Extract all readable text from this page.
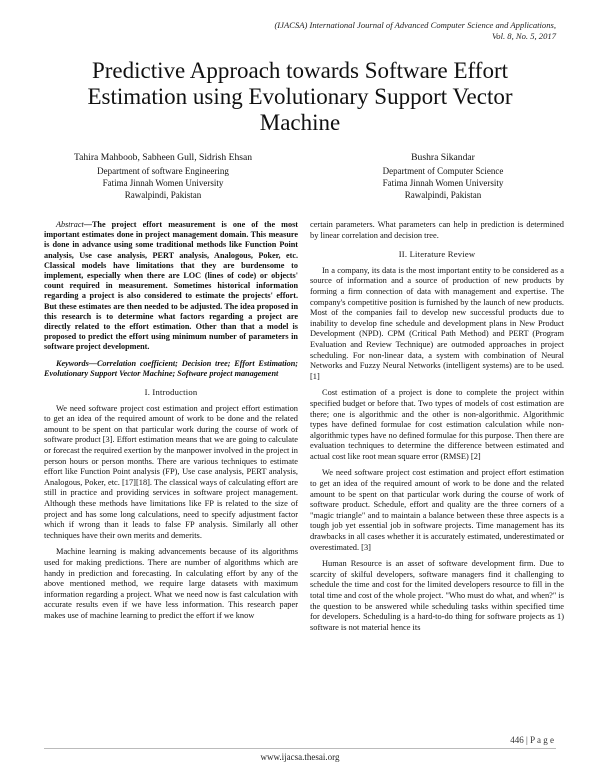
(IJACSA) International Journal of Advanced Computer Science and Applications,
Vol. 8, No. 5, 2017
Predictive Approach towards Software Effort
Estimation using Evolutionary Support Vector
Machine
Tahira Mahboob, Sabheen Gull, Sidrish Ehsan
Department of software Engineering
Fatima Jinnah Women University
Rawalpindi, Pakistan
Bushra Sikandar
Department of Computer Science
Fatima Jinnah Women University
Rawalpindi, Pakistan

Abstract—The project effort measurement is one of the most important estimates done in project management domain. This measure is done in advance using some traditional methods like Function Point analysis, Use case analysis, PERT analysis, Analogous, Poker, etc. Classical models have limitations that they are burdensome to implement, especially when there are LOC (lines of code) or objects' count required in measurement. Sometimes historical information regarding a project is also considered to estimate the projects' effort. But these estimates are then needed to be adjusted. The idea proposed in this research is to determine what factors regarding a project are directly related to the effort estimation. Other than that a model is proposed to predict the effort using minimum number of parameters in software project development.

Keywords—Correlation coefficient; Decision tree; Effort Estimation; Evolutionary Support Vector Machine; Software project management

I. Introduction

We need software project cost estimation and project effort estimation to get an idea of the required amount of work to be done and the related amount to be spent on that particular work during the course of work of software product [3]. Effort estimation means that we are going to calculate or forecast the required exertion by the manpower involved in the project in person hours or person months. There are various techniques to estimate effort like Function Point analysis (FP), Use case analysis, PERT analysis, Analogous, Poker, etc. [17][18]. The classical ways of calculating effort are still in practice and providing services in software project management. Although these methods have limitations like FP is related to the size of project and has some long calculations, need to specify adjustment factor which if wrong than it leads to false FP analysis. Similarly all other techniques have their own merits and demerits.

Machine learning is making advancements because of its algorithms used for making predictions. There are number of algorithms which are handy in prediction and forecasting. In calculating effort by any of the above mentioned method, we require large datasets with maximum information regarding a project. What we need now is fast calculation with accurate results even if we have less information. This research paper makes use of machine learning to predict the effort if we know

certain parameters. What parameters can help in prediction is determined by linear correlation and decision tree.

II. Literature Review

In a company, its data is the most important entity to be considered as a source of information and a source of production of new products by forming a firm connection of data with management and expertise. The company's competitive position is furnished by the launch of new products. Most of the companies fail to develop new successful products due to inability to develop fine schedule and development plans in New Product Development (NPD). CPM (Critical Path Method) and PERT (Program Evaluation and Review Technique) are outmoded approaches in project scheduling. For non-linear data, a system with combination of Neural Networks and Fuzzy Neural Networks (intelligent systems) are to be used. [1]

Cost estimation of a project is done to complete the project within specified budget or before that. Two types of models of cost estimation are there; one is algorithmic and the other is non-algorithmic. Algorithmic types have defined formulae for cost estimation calculation while non-algorithmic types have no defined formulae for this purpose. Then there are evaluation techniques to determine the difference between estimated and actual cost like root mean square error (RMSE) [2]

We need software project cost estimation and project effort estimation to get an idea of the required amount of work to be done and the related amount to be spent on that particular work during the course of work of software product. Schedule, effort and quality are the three corners of a "magic triangle" and to maintain a balance between these three aspects is a tough job yet essential job in software projects. Time management has its drawbacks in all cases whether it is accurately estimated, underestimated or overestimated. [3]

Human Resource is an asset of software development firm. Due to scarcity of skilful developers, software managers find it challenging to schedule the time and cost for the limited developers resource to fill in the total time and cost of the whole project. "Who must do what, and when?" is the question to be answered while scheduling tasks within specified time for developers. Scheduling is a hard-to-do thing for software projects as 1) software is not material hence its

446 | P a g e
www.ijacsa.thesai.org
